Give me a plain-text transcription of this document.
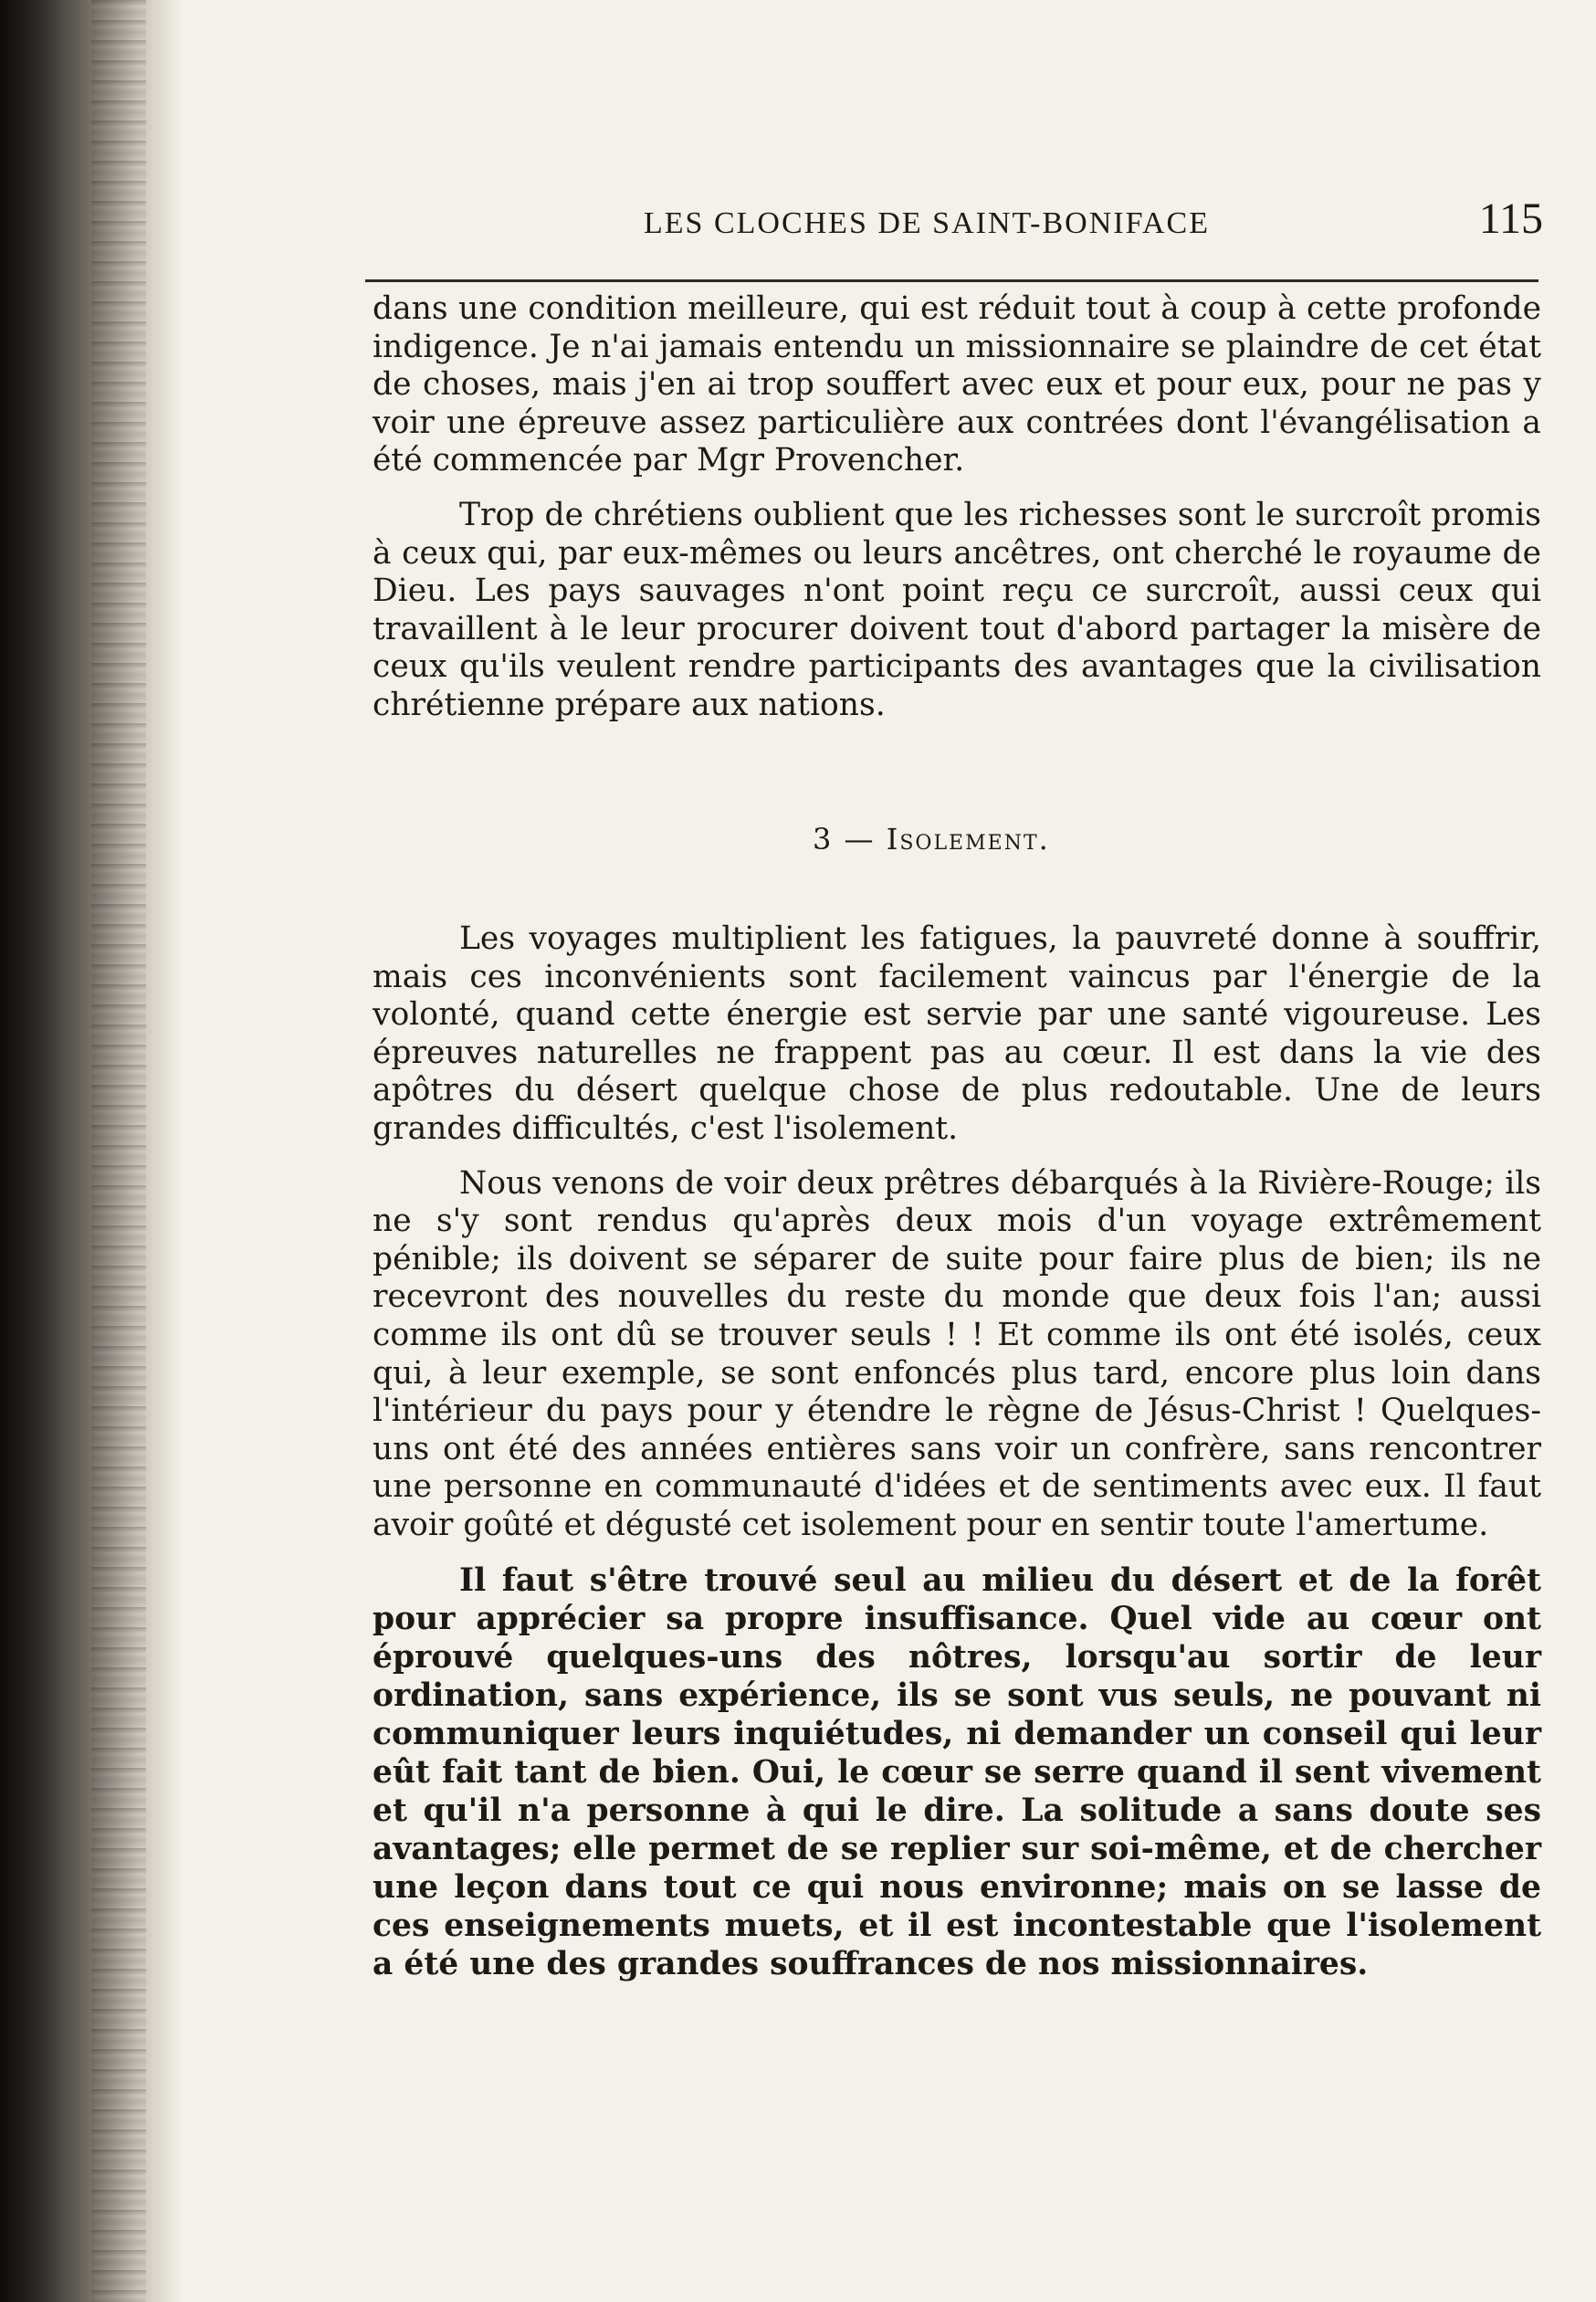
LES CLOCHES DE SAINT-BONIFACE	115

dans une condition meilleure, qui est réduit tout à coup à cette profonde indigence. Je n'ai jamais entendu un missionnaire se plaindre de cet état de choses, mais j'en ai trop souffert avec eux et pour eux, pour ne pas y voir une épreuve assez particulière aux contrées dont l'évangélisation a été commencée par Mgr Provencher.

Trop de chrétiens oublient que les richesses sont le surcroît promis à ceux qui, par eux-mêmes ou leurs ancêtres, ont cherché le royaume de Dieu. Les pays sauvages n'ont point reçu ce surcroît, aussi ceux qui travaillent à le leur procurer doivent tout d'abord partager la misère de ceux qu'ils veulent rendre participants des avantages que la civilisation chrétienne prépare aux nations.

3 — Isolement.

Les voyages multiplient les fatigues, la pauvreté donne à souffrir, mais ces inconvénients sont facilement vaincus par l'énergie de la volonté, quand cette énergie est servie par une santé vigoureuse. Les épreuves naturelles ne frappent pas au cœur. Il est dans la vie des apôtres du désert quelque chose de plus redoutable. Une de leurs grandes difficultés, c'est l'isolement.

Nous venons de voir deux prêtres débarqués à la Rivière-Rouge; ils ne s'y sont rendus qu'après deux mois d'un voyage extrêmement pénible; ils doivent se séparer de suite pour faire plus de bien; ils ne recevront des nouvelles du reste du monde que deux fois l'an; aussi comme ils ont dû se trouver seuls ! ! Et comme ils ont été isolés, ceux qui, à leur exemple, se sont enfoncés plus tard, encore plus loin dans l'intérieur du pays pour y étendre le règne de Jésus-Christ ! Quelques-uns ont été des années entières sans voir un confrère, sans rencontrer une personne en communauté d'idées et de sentiments avec eux. Il faut avoir goûté et dégusté cet isolement pour en sentir toute l'amertume.

Il faut s'être trouvé seul au milieu du désert et de la forêt pour apprécier sa propre insuffisance. Quel vide au cœur ont éprouvé quelques-uns des nôtres, lorsqu'au sortir de leur ordination, sans expérience, ils se sont vus seuls, ne pouvant ni communiquer leurs inquiétudes, ni demander un conseil qui leur eût fait tant de bien. Oui, le cœur se serre quand il sent vivement et qu'il n'a personne à qui le dire. La solitude a sans doute ses avantages; elle permet de se replier sur soi-même, et de chercher une leçon dans tout ce qui nous environne; mais on se lasse de ces enseignements muets, et il est incontestable que l'isolement a été une des grandes souffrances de nos missionnaires.
